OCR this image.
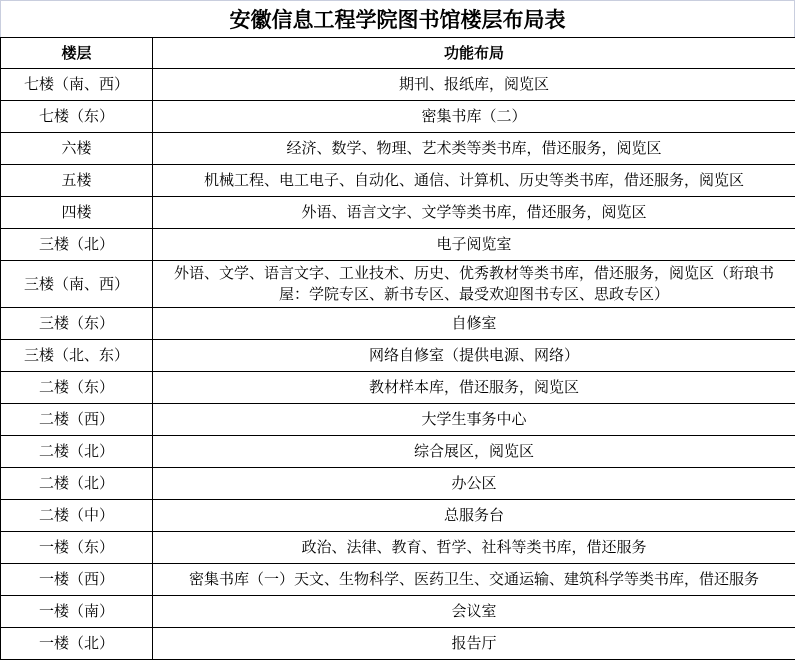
安徽信息工程学院图书馆楼层布局表
楼层	功能布局
七楼（南、西）	期刊、报纸库，阅览区
七楼（东）	密集书库（二）
六楼	经济、数学、物理、艺术类等类书库，借还服务，阅览区
五楼	机械工程、电工电子、自动化、通信、计算机、历史等类书库，借还服务，阅览区
四楼	外语、语言文字、文学等类书库，借还服务，阅览区
三楼（北）	电子阅览室
三楼（南、西）	外语、文学、语言文字、工业技术、历史、优秀教材等类书库，借还服务，阅览区（珩琅书屋：学院专区、新书专区、最受欢迎图书专区、思政专区）
三楼（东）	自修室
三楼（北、东）	网络自修室（提供电源、网络）
二楼（东）	教材样本库，借还服务，阅览区
二楼（西）	大学生事务中心
二楼（北）	综合展区，阅览区
二楼（北）	办公区
二楼（中）	总服务台
一楼（东）	政治、法律、教育、哲学、社科等类书库，借还服务
一楼（西）	密集书库（一）天文、生物科学、医药卫生、交通运输、建筑科学等类书库，借还服务
一楼（南）	会议室
一楼（北）	报告厅
